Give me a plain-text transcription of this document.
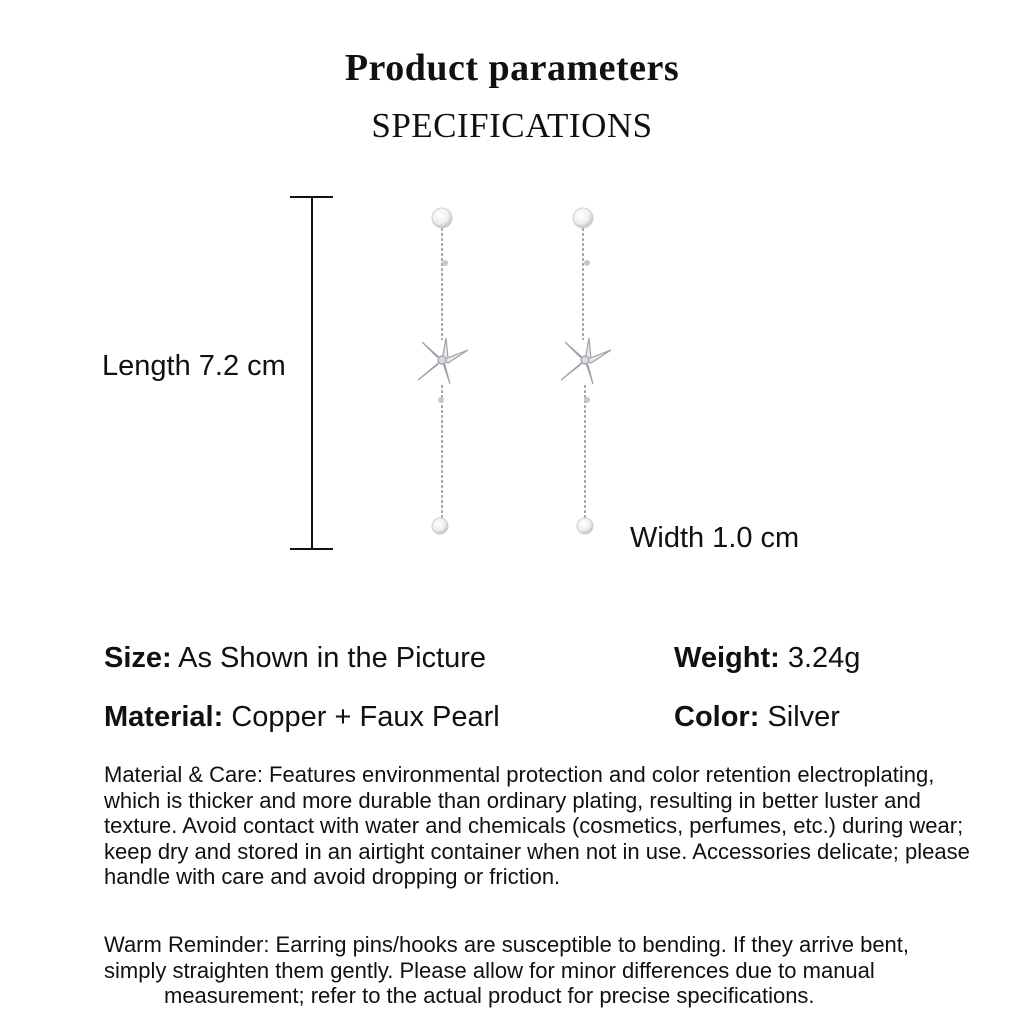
Product parameters
SPECIFICATIONS
Length 7.2 cm
Width 1.0 cm
Size: As Shown in the Picture	Weight: 3.24g
Material: Copper + Faux Pearl	Color: Silver
Material & Care: Features environmental protection and color retention electroplating, which is thicker and more durable than ordinary plating, resulting in better luster and texture. Avoid contact with water and chemicals (cosmetics, perfumes, etc.) during wear; keep dry and stored in an airtight container when not in use. Accessories delicate; please handle with care and avoid dropping or friction.
Warm Reminder: Earring pins/hooks are susceptible to bending. If they arrive bent, simply straighten them gently. Please allow for minor differences due to manual
measurement; refer to the actual product for precise specifications.
